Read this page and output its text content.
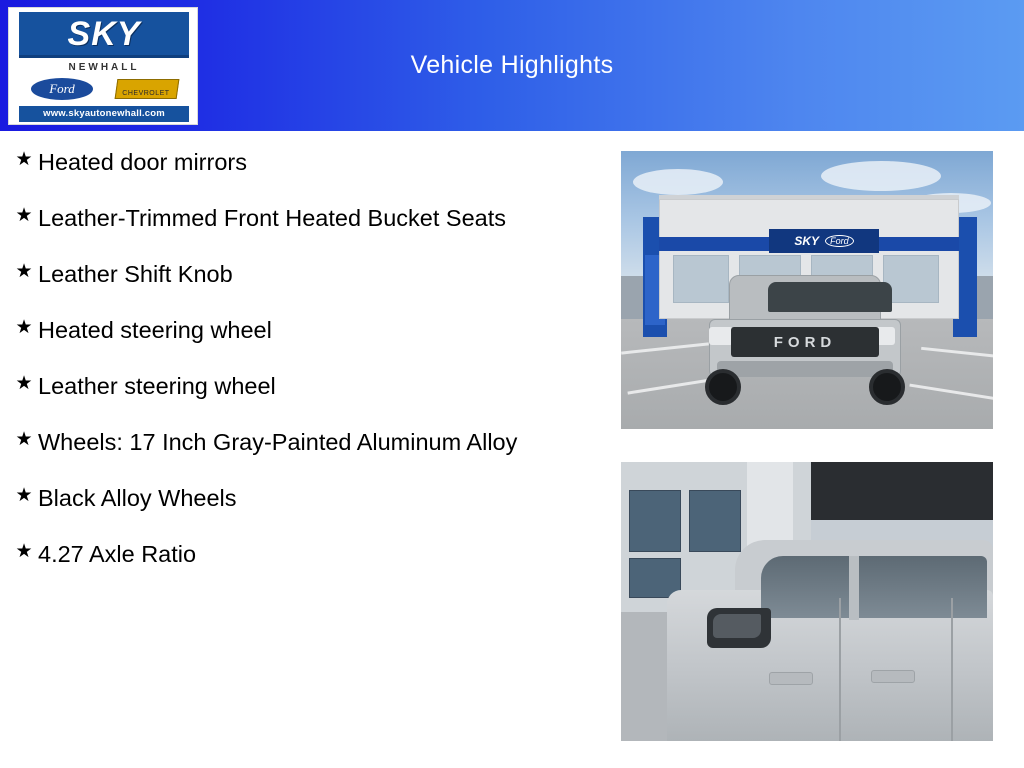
Vehicle Highlights
SKY
NEWHALL
Ford	CHEVROLET
www.skyautonewhall.com
★ Heated door mirrors
★ Leather-Trimmed Front Heated Bucket Seats
★ Leather Shift Knob
★ Heated steering wheel
★ Leather steering wheel
★ Wheels: 17 Inch Gray-Painted Aluminum Alloy
★ Black Alloy Wheels
★ 4.27 Axle Ratio
SKY	Ford
FORD
